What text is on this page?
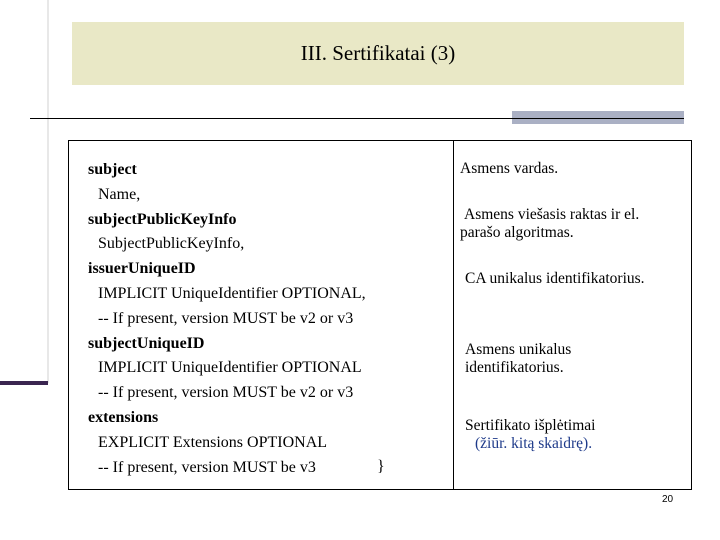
III. Sertifikatai (3)
subject
Name,
subjectPublicKeyInfo
SubjectPublicKeyInfo,
issuerUniqueID
IMPLICIT UniqueIdentifier OPTIONAL,
-- If present, version MUST be v2 or v3
subjectUniqueID
IMPLICIT UniqueIdentifier OPTIONAL
-- If present, version MUST be v2 or v3
extensions
EXPLICIT Extensions OPTIONAL
-- If present, version MUST be v3	}
Asmens vardas.
Asmens viešasis raktas ir el.
parašo algoritmas.
CA unikalus identifikatorius.
Asmens unikalus
identifikatorius.
Sertifikato išplėtimai
(žiūr. kitą skaidrę).
20
